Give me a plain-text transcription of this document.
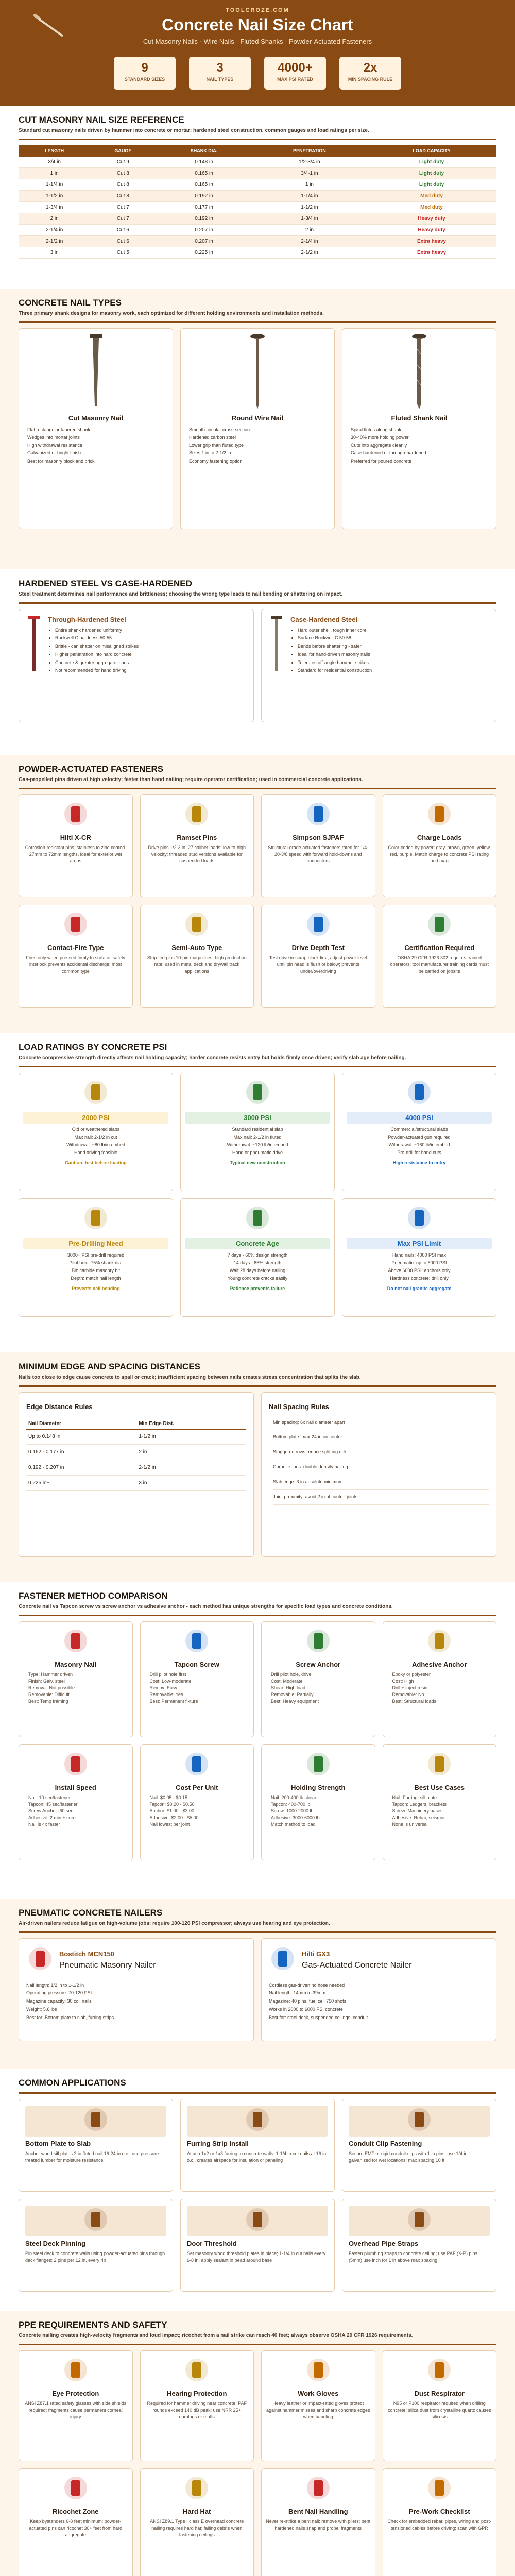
TOOLCROZE.COM
Concrete Nail Size Chart
Cut Masonry Nails · Wire Nails · Fluted Shanks · Powder-Actuated Fasteners
9
STANDARD SIZES
3
NAIL TYPES
4000+
MAX PSI RATED
2x
MIN SPACING RULE
CUT MASONRY NAIL SIZE REFERENCE
Standard cut masonry nails driven by hammer into concrete or mortar; hardened steel construction, common gauges and load ratings per size.
LENGTH	GAUGE	SHANK DIA.	PENETRATION	LOAD CAPACITY
3/4 in	Cut 9	0.148 in	1/2-3/4 in	Light duty
1 in	Cut 8	0.165 in	3/4-1 in	Light duty
1-1/4 in	Cut 8	0.165 in	1 in	Light duty
1-1/2 in	Cut 8	0.192 in	1-1/4 in	Med duty
1-3/4 in	Cut 7	0.177 in	1-1/2 in	Med duty
2 in	Cut 7	0.192 in	1-3/4 in	Heavy duty
2-1/4 in	Cut 6	0.207 in	2 in	Heavy duty
2-1/2 in	Cut 6	0.207 in	2-1/4 in	Extra heavy
3 in	Cut 5	0.225 in	2-1/2 in	Extra heavy
CONCRETE NAIL TYPES
Three primary shank designs for masonry work, each optimized for different holding environments and installation methods.
Cut Masonry Nail
Flat rectangular tapered shank
Wedges into mortar joints
High withdrawal resistance
Galvanized or bright finish
Best for masonry block and brick
Round Wire Nail
Smooth circular cross-section
Hardened carbon steel
Lower grip than fluted type
Sizes 1 in to 2-1/2 in
Economy fastening option
Fluted Shank Nail
Spiral flutes along shank
30-40% more holding power
Cuts into aggregate cleanly
Case-hardened or through-hardened
Preferred for poured concrete
HARDENED STEEL VS CASE-HARDENED
Steel treatment determines nail performance and brittleness; choosing the wrong type leads to nail bending or shattering on impact.
Through-Hardened Steel
• Entire shank hardened uniformly
• Rockwell C hardness 50-55
• Brittle - can shatter on misaligned strikes
• Higher penetration into hard concrete
• Concrete & greater aggregate loads
• Not recommended for hand driving
Case-Hardened Steel
• Hard outer shell, tough inner core
• Surface Rockwell C 50-58
• Bends before shattering - safer
• Ideal for hand-driven masonry nails
• Tolerates off-angle hammer strikes
• Standard for residential construction
POWDER-ACTUATED FASTENERS
Gas-propelled pins driven at high velocity; faster than hand nailing; require operator certification; used in commercial concrete applications.
Hilti X-CR
Corrosion-resistant pins, stainless to zinc-coated. 27mm to 72mm lengths, ideal for exterior wet areas
Ramset Pins
Drive pins 1/2-3 in. 27 caliber loads; low-to-high velocity; threaded stud versions available for suspended loads
Simpson SJPAF
Structural-grade actuated fasteners rated for 1/4-20-3/8 speed with forward hold-downs and connectors
Charge Loads
Color-coded by power: gray, brown, green, yellow, red, purple. Match charge to concrete PSI rating and mag
Contact-Fire Type
Fires only when pressed firmly to surface; safety interlock prevents accidental discharge; most common type
Semi-Auto Type
Strip-fed pins 10-pin magazines; high production rate; used in metal deck and drywall track applications
Drive Depth Test
Test drive in scrap block first; adjust power level until pin head is flush or below; prevents under/overdriving
Certification Required
OSHA 29 CFR 1926.302 requires trained operators; tool manufacturer training cards must be carried on jobsite
LOAD RATINGS BY CONCRETE PSI
Concrete compressive strength directly affects nail holding capacity; harder concrete resists entry but holds firmly once driven; verify slab age before nailing.
2000 PSI
Old or weathered slabs
Max nail: 2-1/2 in cut
Withdrawal: ~80 lb/in embed
Hand driving feasible
Caution: test before loading
3000 PSI
Standard residential slab
Max nail: 2-1/2 in fluted
Withdrawal: ~120 lb/in embed
Hand or pneumatic drive
Typical new construction
4000 PSI
Commercial/structural slabs
Powder-actuated gun required
Withdrawal: ~160 lb/in embed
Pre-drill for hand cuts
High resistance to entry
Pre-Drilling Need
3000+ PSI pre-drill required
Pilot hole: 75% shank dia.
Bit: carbide masonry bit
Depth: match nail length
Prevents nail bending
Concrete Age
7 days - 60% design strength
14 days - 85% strength
Wait 28 days before nailing
Young concrete cracks easily
Patience prevents failure
Max PSI Limit
Hand nails: 4000 PSI max
Pneumatic: up to 6000 PSI
Above 6000 PSI: anchors only
Hardness concrete: drill only
Do not nail granite aggregate
MINIMUM EDGE AND SPACING DISTANCES
Nails too close to edge cause concrete to spall or crack; insufficient spacing between nails creates stress concentration that splits the slab.
Edge Distance Rules
Nail Diameter	Min Edge Dist.
Up to 0.148 in	1-1/2 in
0.162 - 0.177 in	2 in
0.192 - 0.207 in	2-1/2 in
0.225 in+	3 in
Nail Spacing Rules
Min spacing: 6x nail diameter apart
Bottom plate: max 24 in on center
Staggered rows reduce splitting risk
Corner zones: double density nailing
Slab edge: 3 in absolute minimum
Joint proximity: avoid 2 in of control joints
FASTENER METHOD COMPARISON
Concrete nail vs Tapcon screw vs screw anchor vs adhesive anchor - each method has unique strengths for specific load types and concrete conditions.
Masonry Nail
Type: Hammer driven
Finish: Galv. steel
Removal: Not possible
Removable: Difficult
Best: Temp framing
Tapcon Screw
Drill pilot hole first
Cost: Low-moderate
Remov: Easy
Removable: Yes
Best: Permanent fixture
Screw Anchor
Drill pilot hole, drive
Cost: Moderate
Shear: High load
Removable: Partially
Best: Heavy equipment
Adhesive Anchor
Epoxy or polyester
Cost: High
Drill + inject resin
Removable: No
Best: Structural loads
Install Speed
Nail: 10 sec/fastener
Tapcon: 45 sec/fastener
Screw Anchor: 60 sec
Adhesive: 2 min + cure
Nail is 4x faster
Cost Per Unit
Nail: $0.05 - $0.15
Tapcon: $0.20 - $0.50
Anchor: $1.00 - $3.00
Adhesive: $2.00 - $5.00
Nail lowest per joint
Holding Strength
Nail: 200-400 lb shear
Tapcon: 400-700 lb
Screw: 1000-2000 lb
Adhesive: 3000-6000 lb
Match method to load
Best Use Cases
Nail: Furring, sill plate
Tapcon: Ledgers, brackets
Screw: Machinery bases
Adhesive: Rebar, seismic
None is universal
PNEUMATIC CONCRETE NAILERS
Air-driven nailers reduce fatigue on high-volume jobs; require 100-120 PSI compressor; always use hearing and eye protection.
Bostitch MCN150
Pneumatic Masonry Nailer
Nail length: 1/2 in to 1-1/2 in
Operating pressure: 70-120 PSI
Magazine capacity: 30 coil nails
Weight: 5.6 lbs
Best for: Bottom plate to slab, furring strips
Hilti GX3
Gas-Actuated Concrete Nailer
Cordless gas-driven no hose needed
Nail length: 14mm to 39mm
Magazine: 40 pins, fuel cell 750 shots
Works in 2000 to 6000 PSI concrete
Best for: steel deck, suspended ceilings, conduit
COMMON APPLICATIONS
Bottom Plate to Slab
Anchor wood sill plates 2 in fluted nail 16-24 in o.c., use pressure-treated lumber for moisture resistance
Furring Strip Install
Attach 1x2 or 1x3 furring to concrete walls. 1-1/4 in cut nails at 16 in o.c., creates airspace for insulation or paneling
Conduit Clip Fastening
Secure EMT or rigid conduit clips with 1 in pins; use 1/4 in galvanized for wet locations; max spacing 10 ft
Steel Deck Pinning
Pin steel deck to concrete walls using powder-actuated pins through deck flanges; 2 pins per 12 in, every rib
Door Threshold
Set masonry wood threshold plates in place; 1-1/4 in cut nails every 6-8 in, apply sealant in bead around base
Overhead Pipe Straps
Fasten plumbing straps to concrete ceiling; use PAF (X-P) pins (5mm) use inch for 1 in above max spacing
PPE REQUIREMENTS AND SAFETY
Concrete nailing creates high-velocity fragments and loud impact; ricochet from a nail strike can reach 40 feet; always observe OSHA 29 CFR 1926 requirements.
Eye Protection
ANSI Z87.1 rated safety glasses with side shields required; fragments cause permanent corneal injury
Hearing Protection
Required for hammer driving near concrete; PAF rounds exceed 140 dB peak; use NRR 25+ earplugs or muffs
Work Gloves
Heavy leather or impact-rated gloves protect against hammer misses and sharp concrete edges when handling
Dust Respirator
N95 or P100 respirator required when drilling concrete; silica dust from crystalline quartz causes silicosis
Ricochet Zone
Keep bystanders 6-8 feet minimum; powder-actuated pins can ricochet 30+ feet from hard aggregate
Hard Hat
ANSI Z89.1 Type I class E overhead concrete nailing requires hard hat; falling debris when fastening ceilings
Bent Nail Handling
Never re-strike a bent nail; remove with pliers; bent hardened nails snap and propel fragments
Pre-Work Checklist
Check for embedded rebar, pipes, wiring and post-tensioned cables before driving; scan with GPR
